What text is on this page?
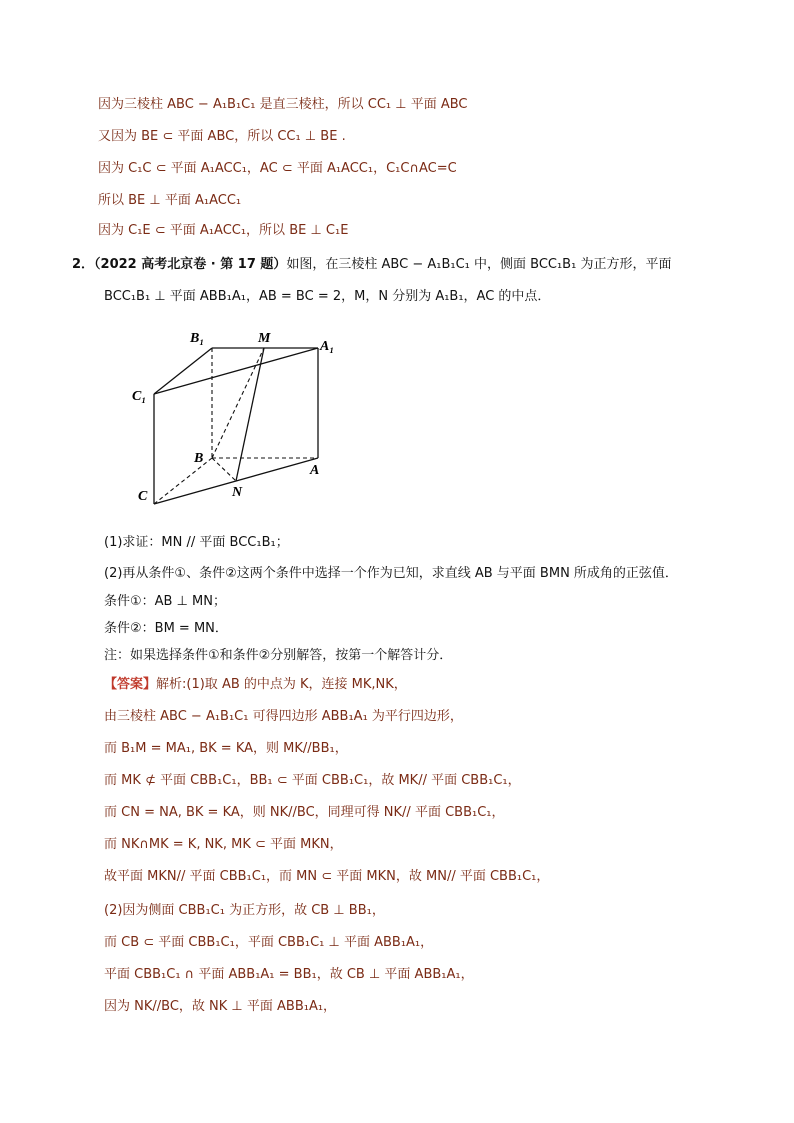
因为三棱柱 ABC − A₁B₁C₁ 是直三棱柱，所以 CC₁ ⊥ 平面 ABC
又因为 BE ⊂ 平面 ABC，所以 CC₁ ⊥ BE .
因为 C₁C ⊂ 平面 A₁ACC₁，AC ⊂ 平面 A₁ACC₁，C₁C∩AC=C
所以 BE ⊥ 平面 A₁ACC₁
因为 C₁E ⊂ 平面 A₁ACC₁，所以 BE ⊥ C₁E
2．（2022 高考北京卷 · 第 17 题）如图，在三棱柱 ABC − A₁B₁C₁ 中，侧面 BCC₁B₁ 为正方形，平面
BCC₁B₁ ⊥ 平面 ABB₁A₁，AB = BC = 2，M，N 分别为 A₁B₁，AC 的中点．
B₁	M
A₁
C₁
B
A
C	N
(1)求证：MN // 平面 BCC₁B₁；
(2)再从条件①、条件②这两个条件中选择一个作为已知，求直线 AB 与平面 BMN 所成角的正弦值．
条件①：AB ⊥ MN；
条件②：BM = MN．
注：如果选择条件①和条件②分别解答，按第一个解答计分．
【答案】解析:(1)取 AB 的中点为 K，连接 MK,NK，
由三棱柱 ABC − A₁B₁C₁ 可得四边形 ABB₁A₁ 为平行四边形，
而 B₁M = MA₁, BK = KA，则 MK//BB₁，
而 MK ⊄ 平面 CBB₁C₁，BB₁ ⊂ 平面 CBB₁C₁，故 MK// 平面 CBB₁C₁，
而 CN = NA, BK = KA，则 NK//BC，同理可得 NK// 平面 CBB₁C₁，
而 NK∩MK = K, NK, MK ⊂ 平面 MKN，
故平面 MKN// 平面 CBB₁C₁，而 MN ⊂ 平面 MKN，故 MN// 平面 CBB₁C₁，
(2)因为侧面 CBB₁C₁ 为正方形，故 CB ⊥ BB₁，
而 CB ⊂ 平面 CBB₁C₁，平面 CBB₁C₁ ⊥ 平面 ABB₁A₁，
平面 CBB₁C₁ ∩ 平面 ABB₁A₁ = BB₁，故 CB ⊥ 平面 ABB₁A₁，
因为 NK//BC，故 NK ⊥ 平面 ABB₁A₁，
